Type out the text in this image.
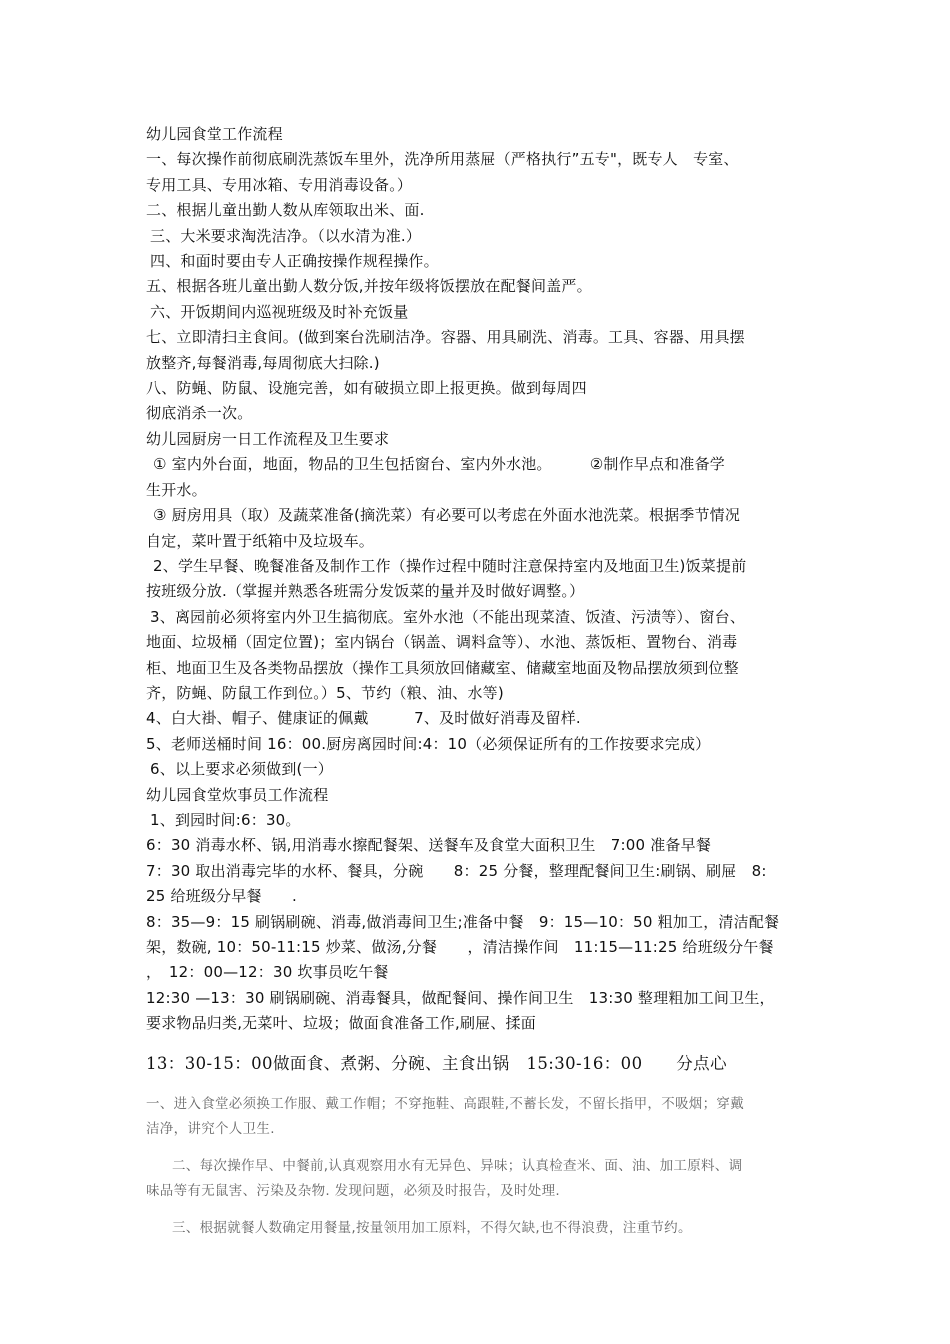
幼儿园食堂工作流程
一、每次操作前彻底刷洗蒸饭车里外，洗净所用蒸屉（严格执行”五专"，既专人　专室、
专用工具、专用冰箱、专用消毒设备。）
二、根据儿童出勤人数从库领取出米、面.
三、大米要求淘洗洁净。（以水清为准.）
四、和面时要由专人正确按操作规程操作。
五、根据各班儿童出勤人数分饭,并按年级将饭摆放在配餐间盖严。
六、开饭期间内巡视班级及时补充饭量
七、立即清扫主食间。(做到案台洗刷洁净。容器、用具刷洗、消毒。工具、容器、用具摆
放整齐,每餐消毒,每周彻底大扫除.)
八、防蝇、防鼠、设施完善，如有破损立即上报更换。做到每周四
彻底消杀一次。
幼儿园厨房一日工作流程及卫生要求
① 室内外台面，地面，物品的卫生包括窗台、室内外水池。　　　②制作早点和准备学
生开水。
③ 厨房用具（取）及蔬菜准备(摘洗菜）有必要可以考虑在外面水池洗菜。根据季节情况
自定，菜叶置于纸箱中及垃圾车。
2、学生早餐、晚餐准备及制作工作（操作过程中随时注意保持室内及地面卫生)饭菜提前
按班级分放.（掌握并熟悉各班需分发饭菜的量并及时做好调整。）
3、离园前必须将室内外卫生搞彻底。室外水池（不能出现菜渣、饭渣、污渍等）、窗台、
地面、垃圾桶（固定位置)；室内锅台（锅盖、调料盒等）、水池、蒸饭柜、置物台、消毒
柜、地面卫生及各类物品摆放（操作工具须放回储藏室、储藏室地面及物品摆放须到位整
齐，防蝇、防鼠工作到位。）5、节约（粮、油、水等)
4、白大褂、帽子、健康证的佩戴　　　7、及时做好消毒及留样.
5、老师送桶时间 16：00.厨房离园时间:4：10（必须保证所有的工作按要求完成）
6、以上要求必须做到(一）
幼儿园食堂炊事员工作流程
1、到园时间:6：30。
6：30 消毒水杯、锅,用消毒水擦配餐架、送餐车及食堂大面积卫生　7:00 准备早餐
7：30 取出消毒完毕的水杯、餐具，分碗　　8：25 分餐，整理配餐间卫生:刷锅、刷屉　8:
25 给班级分早餐　　.
8：35—9：15 刷锅刷碗、消毒,做消毒间卫生;准备中餐　9：15—10：50 粗加工，清洁配餐
架，数碗, 10：50-11:15 炒菜、做汤,分餐　　，清洁操作间　11:15—11:25 给班级分午餐
，　12：00—12：30 坎事员吃午餐
12:30 —13：30 刷锅刷碗、消毒餐具，做配餐间、操作间卫生　13:30 整理粗加工间卫生，
要求物品归类,无菜叶、垃圾；做面食准备工作,刷屉、揉面
13：30-15：00做面食、煮粥、分碗、主食出锅　15:30-16：00　　分点心
一、进入食堂必须换工作服、戴工作帽；不穿拖鞋、高跟鞋,不蓄长发，不留长指甲，不吸烟；穿戴
洁净，讲究个人卫生.
二、每次操作早、中餐前,认真观察用水有无异色、异味；认真检查米、面、油、加工原料、调
味品等有无鼠害、污染及杂物. 发现问题，必须及时报告，及时处理.
三、根据就餐人数确定用餐量,按量领用加工原料，不得欠缺,也不得浪费，注重节约。
